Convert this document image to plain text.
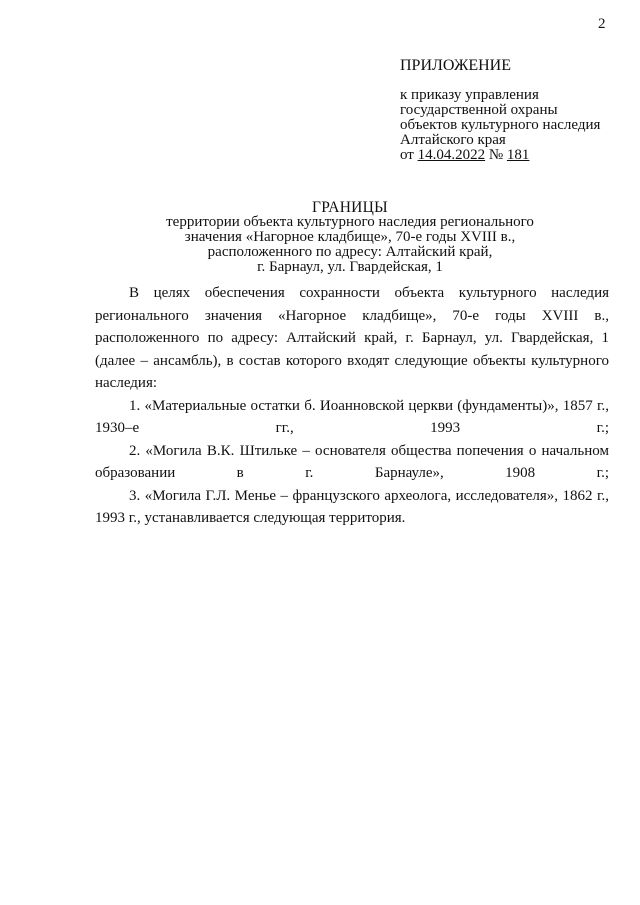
2
ПРИЛОЖЕНИЕ
к приказу управления
государственной охраны
объектов культурного наследия
Алтайского края
от 14.04.2022 № 181
ГРАНИЦЫ
территории объекта культурного наследия регионального
значения «Нагорное кладбище», 70-е годы XVIII в.,
расположенного по адресу: Алтайский край,
г. Барнаул, ул. Гвардейская, 1

В целях обеспечения сохранности объекта культурного наследия регионального значения «Нагорное кладбище», 70-е годы XVIII в., расположенного по адресу: Алтайский край, г. Барнаул, ул. Гвардейская, 1 (далее – ансамбль), в состав которого входят следующие объекты культурного наследия:

1. «Материальные остатки б. Иоанновской церкви (фундаменты)», 1857 г., 1930–е гг., 1993 г.;

2. «Могила В.К. Штильке – основателя общества попечения о начальном образовании в г. Барнауле», 1908 г.;

3. «Могила Г.Л. Менье – французского археолога, исследователя», 1862 г., 1993 г., устанавливается следующая территория.
